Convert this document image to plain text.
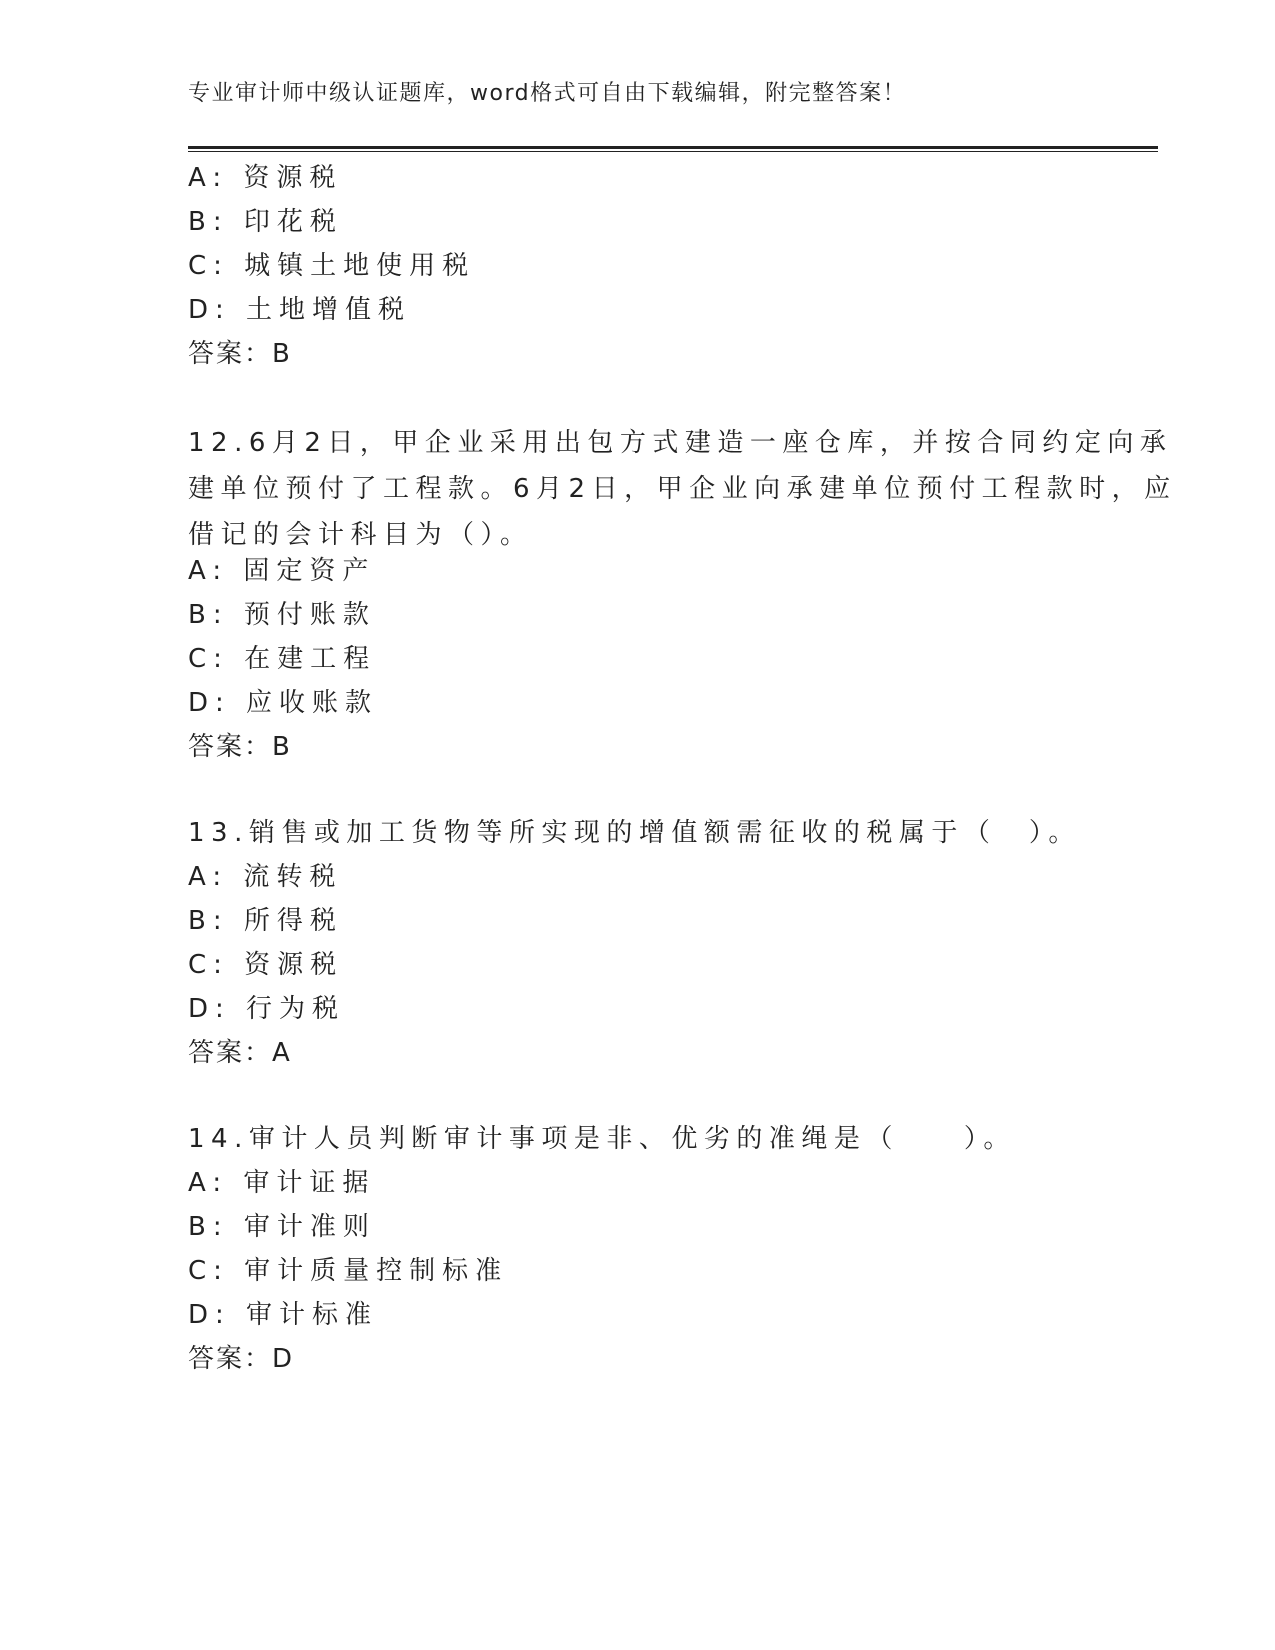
专业审计师中级认证题库，word格式可自由下载编辑，附完整答案！
A: 资源税
B: 印花税
C: 城镇土地使用税
D: 土地增值税
答案：B
12.6月2日，甲企业采用出包方式建造一座仓库，并按合同约定向承
建单位预付了工程款。6月2日，甲企业向承建单位预付工程款时，应
借记的会计科目为（）。
A: 固定资产
B: 预付账款
C: 在建工程
D: 应收账款
答案：B
13.销售或加工货物等所实现的增值额需征收的税属于（　）。
A: 流转税
B: 所得税
C: 资源税
D: 行为税
答案：A
14.审计人员判断审计事项是非、优劣的准绳是（　　）。
A: 审计证据
B: 审计准则
C: 审计质量控制标准
D: 审计标准
答案：D
